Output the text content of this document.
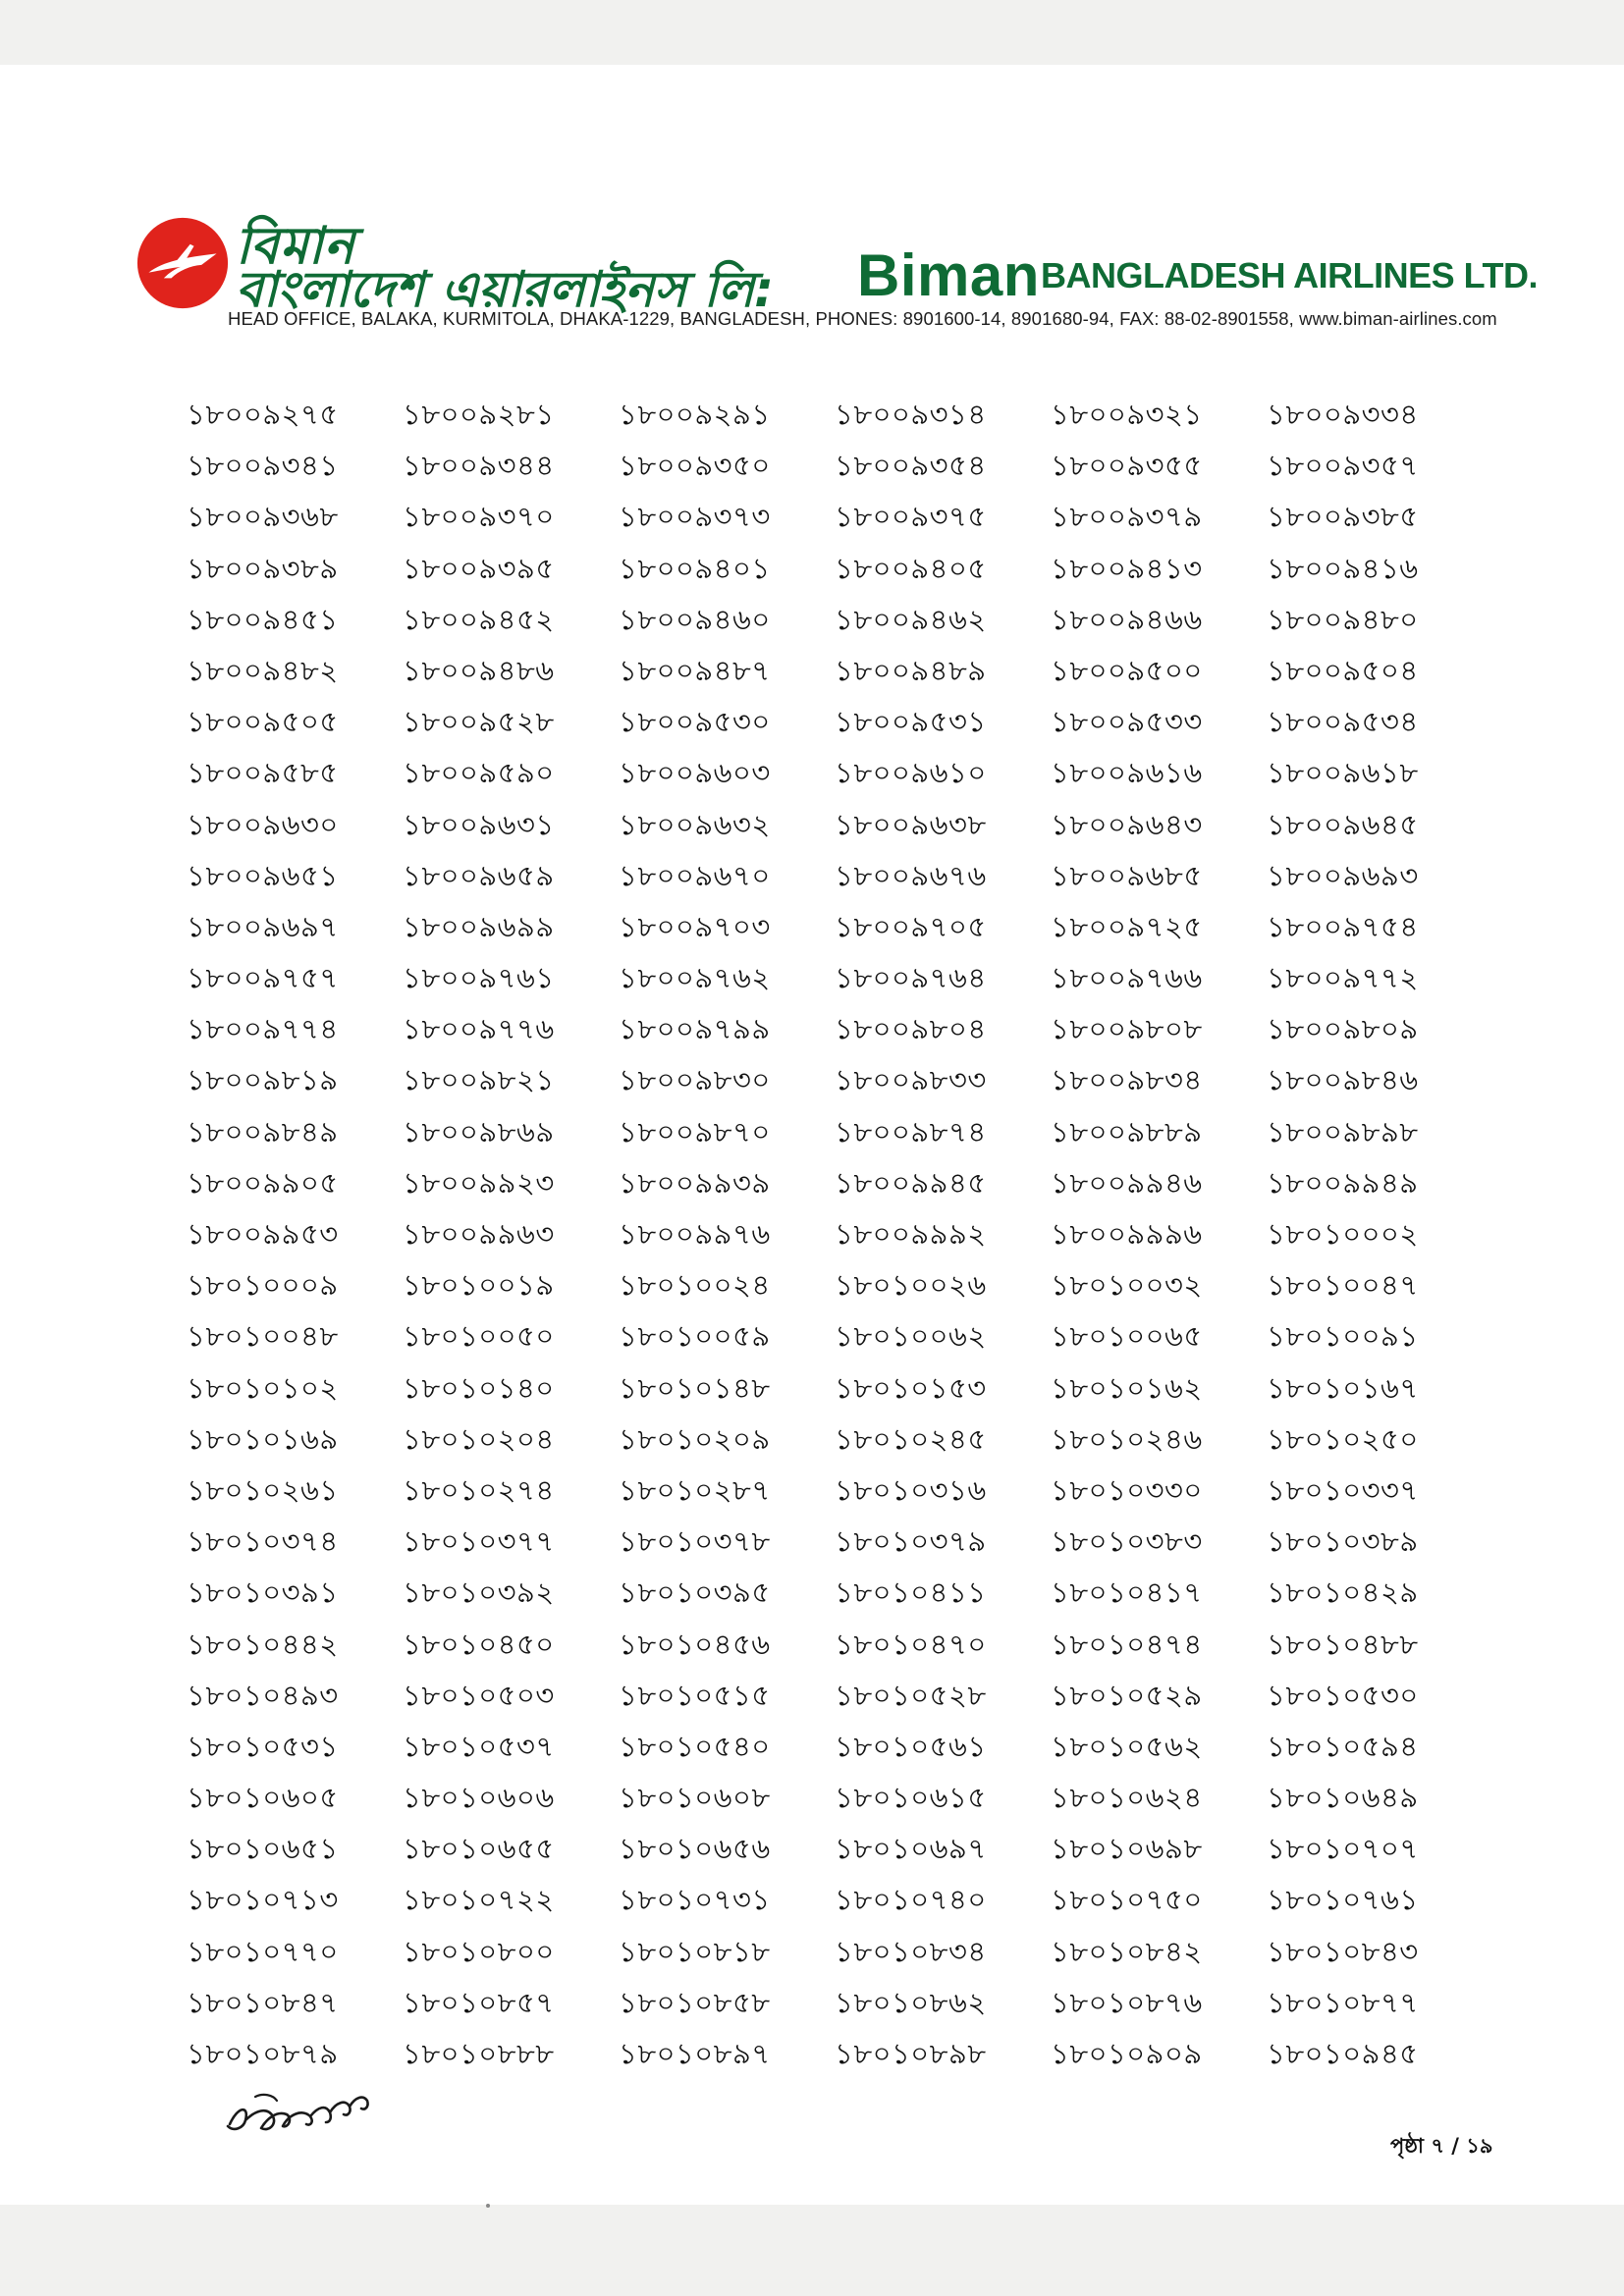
বিমান
বাংলাদেশ এয়ারলাইনস লি: Biman BANGLADESH AIRLINES LTD.
HEAD OFFICE, BALAKA, KURMITOLA, DHAKA-1229, BANGLADESH, PHONES: 8901600-14, 8901680-94, FAX: 88-02-8901558, www.biman-airlines.com
১৮০০৯২৭৫	১৮০০৯২৮১	১৮০০৯২৯১	১৮০০৯৩১৪	১৮০০৯৩২১	১৮০০৯৩৩৪
১৮০০৯৩৪১	১৮০০৯৩৪৪	১৮০০৯৩৫০	১৮০০৯৩৫৪	১৮০০৯৩৫৫	১৮০০৯৩৫৭
১৮০০৯৩৬৮	১৮০০৯৩৭০	১৮০০৯৩৭৩	১৮০০৯৩৭৫	১৮০০৯৩৭৯	১৮০০৯৩৮৫
১৮০০৯৩৮৯	১৮০০৯৩৯৫	১৮০০৯৪০১	১৮০০৯৪০৫	১৮০০৯৪১৩	১৮০০৯৪১৬
১৮০০৯৪৫১	১৮০০৯৪৫২	১৮০০৯৪৬০	১৮০০৯৪৬২	১৮০০৯৪৬৬	১৮০০৯৪৮০
১৮০০৯৪৮২	১৮০০৯৪৮৬	১৮০০৯৪৮৭	১৮০০৯৪৮৯	১৮০০৯৫০০	১৮০০৯৫০৪
১৮০০৯৫০৫	১৮০০৯৫২৮	১৮০০৯৫৩০	১৮০০৯৫৩১	১৮০০৯৫৩৩	১৮০০৯৫৩৪
১৮০০৯৫৮৫	১৮০০৯৫৯০	১৮০০৯৬০৩	১৮০০৯৬১০	১৮০০৯৬১৬	১৮০০৯৬১৮
১৮০০৯৬৩০	১৮০০৯৬৩১	১৮০০৯৬৩২	১৮০০৯৬৩৮	১৮০০৯৬৪৩	১৮০০৯৬৪৫
১৮০০৯৬৫১	১৮০০৯৬৫৯	১৮০০৯৬৭০	১৮০০৯৬৭৬	১৮০০৯৬৮৫	১৮০০৯৬৯৩
১৮০০৯৬৯৭	১৮০০৯৬৯৯	১৮০০৯৭০৩	১৮০০৯৭০৫	১৮০০৯৭২৫	১৮০০৯৭৫৪
১৮০০৯৭৫৭	১৮০০৯৭৬১	১৮০০৯৭৬২	১৮০০৯৭৬৪	১৮০০৯৭৬৬	১৮০০৯৭৭২
১৮০০৯৭৭৪	১৮০০৯৭৭৬	১৮০০৯৭৯৯	১৮০০৯৮০৪	১৮০০৯৮০৮	১৮০০৯৮০৯
১৮০০৯৮১৯	১৮০০৯৮২১	১৮০০৯৮৩০	১৮০০৯৮৩৩	১৮০০৯৮৩৪	১৮০০৯৮৪৬
১৮০০৯৮৪৯	১৮০০৯৮৬৯	১৮০০৯৮৭০	১৮০০৯৮৭৪	১৮০০৯৮৮৯	১৮০০৯৮৯৮
১৮০০৯৯০৫	১৮০০৯৯২৩	১৮০০৯৯৩৯	১৮০০৯৯৪৫	১৮০০৯৯৪৬	১৮০০৯৯৪৯
১৮০০৯৯৫৩	১৮০০৯৯৬৩	১৮০০৯৯৭৬	১৮০০৯৯৯২	১৮০০৯৯৯৬	১৮০১০০০২
১৮০১০০০৯	১৮০১০০১৯	১৮০১০০২৪	১৮০১০০২৬	১৮০১০০৩২	১৮০১০০৪৭
১৮০১০০৪৮	১৮০১০০৫০	১৮০১০০৫৯	১৮০১০০৬২	১৮০১০০৬৫	১৮০১০০৯১
১৮০১০১০২	১৮০১০১৪০	১৮০১০১৪৮	১৮০১০১৫৩	১৮০১০১৬২	১৮০১০১৬৭
১৮০১০১৬৯	১৮০১০২০৪	১৮০১০২০৯	১৮০১০২৪৫	১৮০১০২৪৬	১৮০১০২৫০
১৮০১০২৬১	১৮০১০২৭৪	১৮০১০২৮৭	১৮০১০৩১৬	১৮০১০৩৩০	১৮০১০৩৩৭
১৮০১০৩৭৪	১৮০১০৩৭৭	১৮০১০৩৭৮	১৮০১০৩৭৯	১৮০১০৩৮৩	১৮০১০৩৮৯
১৮০১০৩৯১	১৮০১০৩৯২	১৮০১০৩৯৫	১৮০১০৪১১	১৮০১০৪১৭	১৮০১০৪২৯
১৮০১০৪৪২	১৮০১০৪৫০	১৮০১০৪৫৬	১৮০১০৪৭০	১৮০১০৪৭৪	১৮০১০৪৮৮
১৮০১০৪৯৩	১৮০১০৫০৩	১৮০১০৫১৫	১৮০১০৫২৮	১৮০১০৫২৯	১৮০১০৫৩০
১৮০১০৫৩১	১৮০১০৫৩৭	১৮০১০৫৪০	১৮০১০৫৬১	১৮০১০৫৬২	১৮০১০৫৯৪
১৮০১০৬০৫	১৮০১০৬০৬	১৮০১০৬০৮	১৮০১০৬১৫	১৮০১০৬২৪	১৮০১০৬৪৯
১৮০১০৬৫১	১৮০১০৬৫৫	১৮০১০৬৫৬	১৮০১০৬৯৭	১৮০১০৬৯৮	১৮০১০৭০৭
১৮০১০৭১৩	১৮০১০৭২২	১৮০১০৭৩১	১৮০১০৭৪০	১৮০১০৭৫০	১৮০১০৭৬১
১৮০১০৭৭০	১৮০১০৮০০	১৮০১০৮১৮	১৮০১০৮৩৪	১৮০১০৮৪২	১৮০১০৮৪৩
১৮০১০৮৪৭	১৮০১০৮৫৭	১৮০১০৮৫৮	১৮০১০৮৬২	১৮০১০৮৭৬	১৮০১০৮৭৭
১৮০১০৮৭৯	১৮০১০৮৮৮	১৮০১০৮৯৭	১৮০১০৮৯৮	১৮০১০৯০৯	১৮০১০৯৪৫
পৃষ্ঠা ৭ / ১৯
